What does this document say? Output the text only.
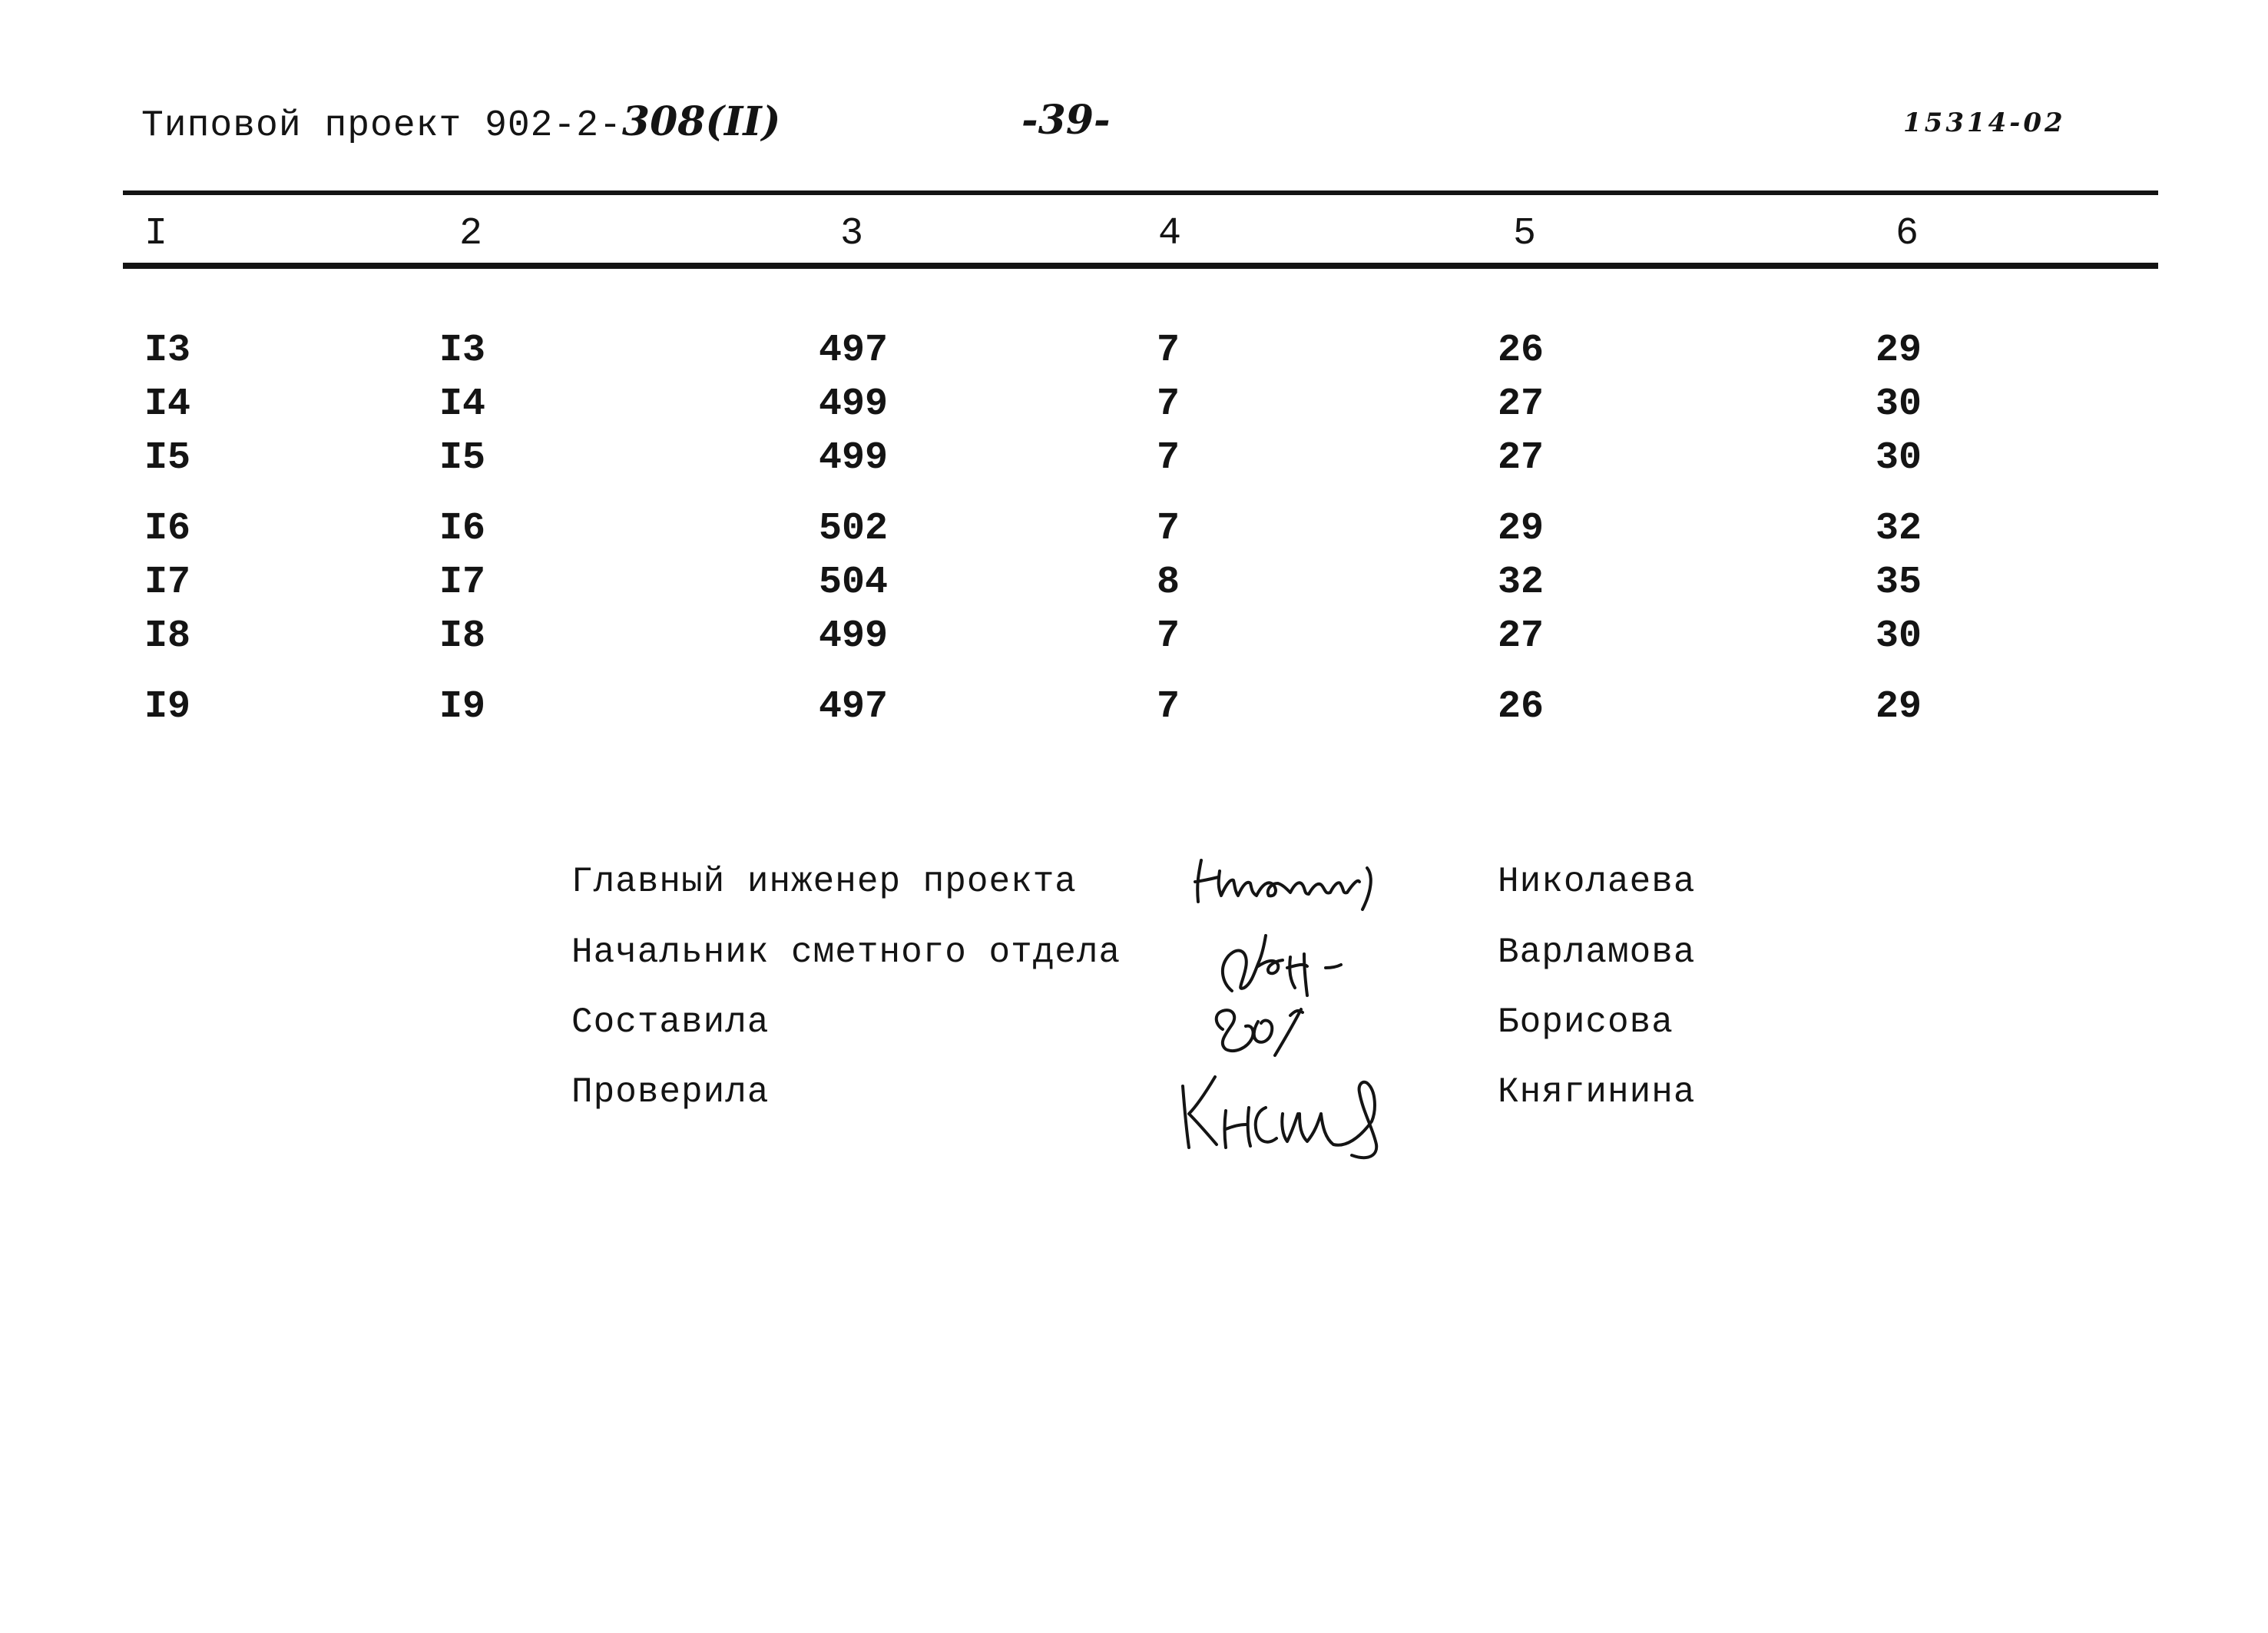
Типовой проект 902-2-308(II)	-39-	15314-02
I	2	3	4	5	6
I3	I3	497	7	26	29
I4	I4	499	7	27	30
I5	I5	499	7	27	30
I6	I6	502	7	29	32
I7	I7	504	8	32	35
I8	I8	499	7	27	30
I9	I9	497	7	26	29
Главный инженер проекта	Николаева
Начальник сметного отдела	Варламова
Составила	Борисова
Проверила	Княгинина
